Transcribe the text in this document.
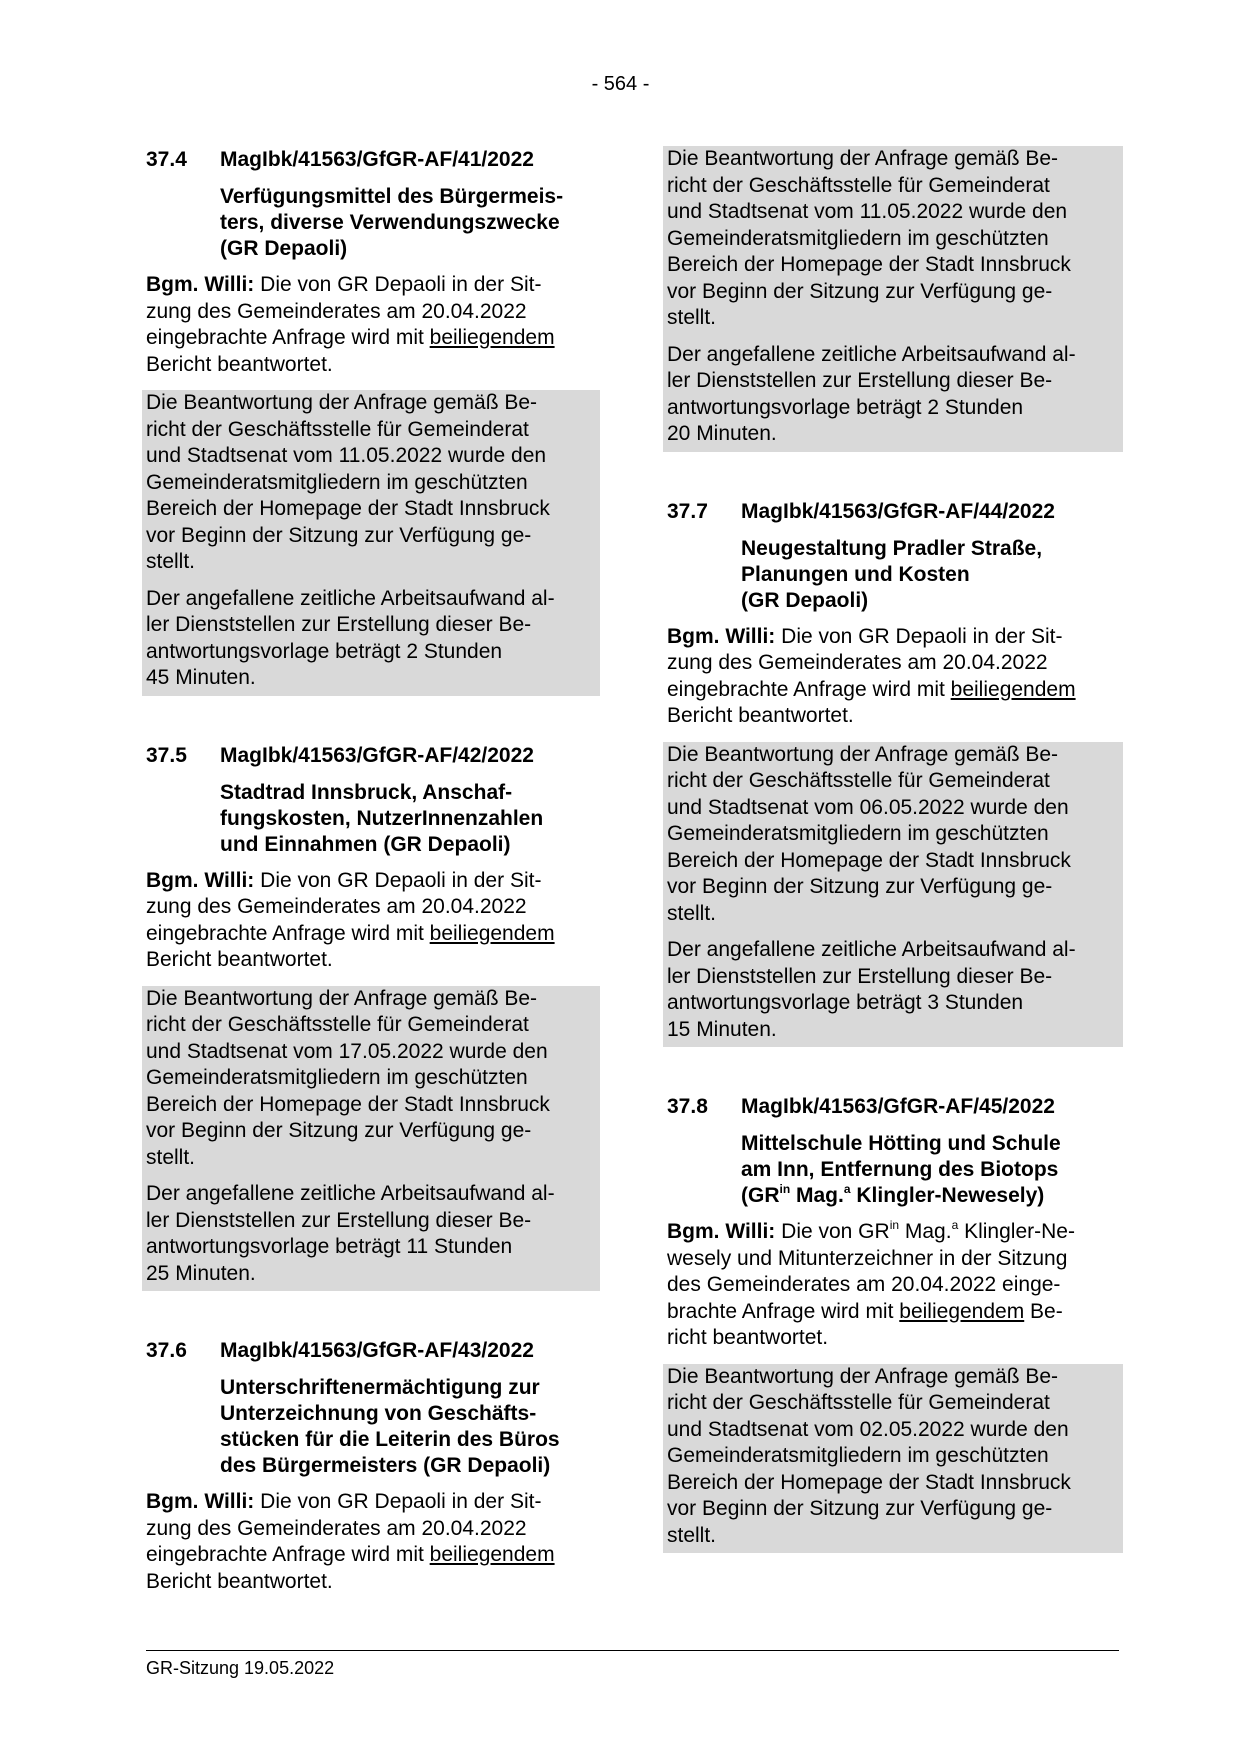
- 564 -
37.4	MagIbk/41563/GfGR-AF/41/2022
Verfügungsmittel des Bürgermeis-
ters, diverse Verwendungszwecke
(GR Depaoli)
Bgm. Willi: Die von GR Depaoli in der Sit-
zung des Gemeinderates am 20.04.2022
eingebrachte Anfrage wird mit beiliegendem
Bericht beantwortet.
Die Beantwortung der Anfrage gemäß Be-
richt der Geschäftsstelle für Gemeinderat
und Stadtsenat vom 11.05.2022 wurde den
Gemeinderatsmitgliedern im geschützten
Bereich der Homepage der Stadt Innsbruck
vor Beginn der Sitzung zur Verfügung ge-
stellt.
Der angefallene zeitliche Arbeitsaufwand al-
ler Dienststellen zur Erstellung dieser Be-
antwortungsvorlage beträgt 2 Stunden
45 Minuten.
37.5	MagIbk/41563/GfGR-AF/42/2022
Stadtrad Innsbruck, Anschaf-
fungskosten, NutzerInnenzahlen
und Einnahmen (GR Depaoli)
Bgm. Willi: Die von GR Depaoli in der Sit-
zung des Gemeinderates am 20.04.2022
eingebrachte Anfrage wird mit beiliegendem
Bericht beantwortet.
Die Beantwortung der Anfrage gemäß Be-
richt der Geschäftsstelle für Gemeinderat
und Stadtsenat vom 17.05.2022 wurde den
Gemeinderatsmitgliedern im geschützten
Bereich der Homepage der Stadt Innsbruck
vor Beginn der Sitzung zur Verfügung ge-
stellt.
Der angefallene zeitliche Arbeitsaufwand al-
ler Dienststellen zur Erstellung dieser Be-
antwortungsvorlage beträgt 11 Stunden
25 Minuten.
37.6	MagIbk/41563/GfGR-AF/43/2022
Unterschriftenermächtigung zur
Unterzeichnung von Geschäfts-
stücken für die Leiterin des Büros
des Bürgermeisters (GR Depaoli)
Bgm. Willi: Die von GR Depaoli in der Sit-
zung des Gemeinderates am 20.04.2022
eingebrachte Anfrage wird mit beiliegendem
Bericht beantwortet.
Die Beantwortung der Anfrage gemäß Be-
richt der Geschäftsstelle für Gemeinderat
und Stadtsenat vom 11.05.2022 wurde den
Gemeinderatsmitgliedern im geschützten
Bereich der Homepage der Stadt Innsbruck
vor Beginn der Sitzung zur Verfügung ge-
stellt.
Der angefallene zeitliche Arbeitsaufwand al-
ler Dienststellen zur Erstellung dieser Be-
antwortungsvorlage beträgt 2 Stunden
20 Minuten.
37.7	MagIbk/41563/GfGR-AF/44/2022
Neugestaltung Pradler Straße,
Planungen und Kosten
(GR Depaoli)
Bgm. Willi: Die von GR Depaoli in der Sit-
zung des Gemeinderates am 20.04.2022
eingebrachte Anfrage wird mit beiliegendem
Bericht beantwortet.
Die Beantwortung der Anfrage gemäß Be-
richt der Geschäftsstelle für Gemeinderat
und Stadtsenat vom 06.05.2022 wurde den
Gemeinderatsmitgliedern im geschützten
Bereich der Homepage der Stadt Innsbruck
vor Beginn der Sitzung zur Verfügung ge-
stellt.
Der angefallene zeitliche Arbeitsaufwand al-
ler Dienststellen zur Erstellung dieser Be-
antwortungsvorlage beträgt 3 Stunden
15 Minuten.
37.8	MagIbk/41563/GfGR-AF/45/2022
Mittelschule Hötting und Schule
am Inn, Entfernung des Biotops
($GR^{in}$ Mag.$^a$ Klingler-Newesely)
Bgm. Willi: Die von $GR^{in}$ Mag.$^a$ Klingler-Ne-
wesely und Mitunterzeichner in der Sitzung
des Gemeinderates am 20.04.2022 einge-
brachte Anfrage wird mit beiliegendem Be-
richt beantwortet.
Die Beantwortung der Anfrage gemäß Be-
richt der Geschäftsstelle für Gemeinderat
und Stadtsenat vom 02.05.2022 wurde den
Gemeinderatsmitgliedern im geschützten
Bereich der Homepage der Stadt Innsbruck
vor Beginn der Sitzung zur Verfügung ge-
stellt.
GR-Sitzung 19.05.2022
